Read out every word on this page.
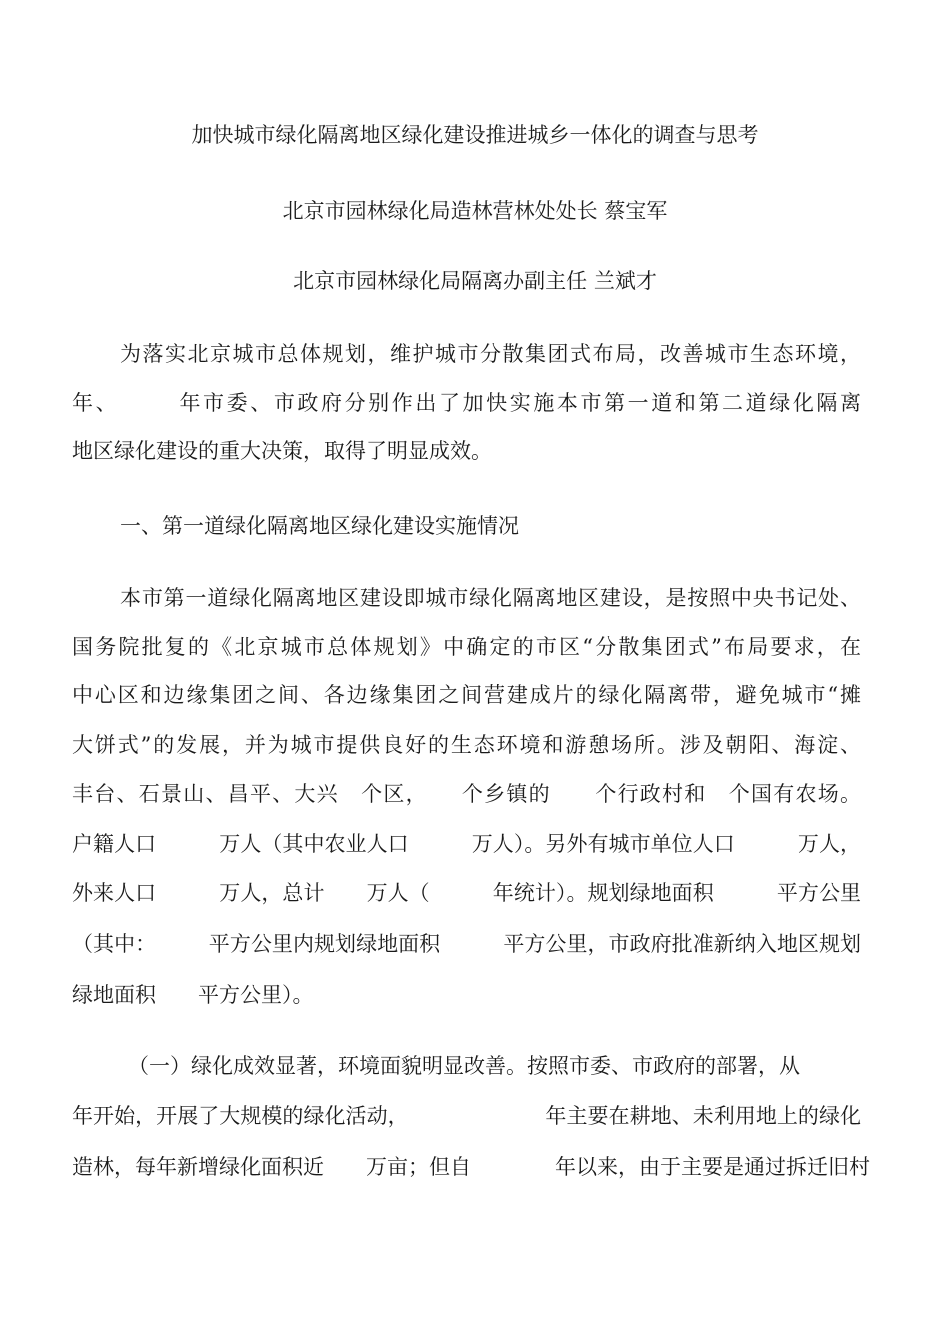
加快城市绿化隔离地区绿化建设推进城乡一体化的调查与思考
北京市园林绿化局造林营林处处长 蔡宝军
北京市园林绿化局隔离办副主任 兰斌才
为落实北京城市总体规划，维护城市分散集团式布局，改善城市生态环境，
年、　　　年市委、市政府分别作出了加快实施本市第一道和第二道绿化隔离
地区绿化建设的重大决策，取得了明显成效。
一、第一道绿化隔离地区绿化建设实施情况
本市第一道绿化隔离地区建设即城市绿化隔离地区建设，是按照中央书记处、
国务院批复的《北京城市总体规划》中确定的市区“分散集团式”布局要求，在
中心区和边缘集团之间、各边缘集团之间营建成片的绿化隔离带，避免城市“摊
大饼式”的发展，并为城市提供良好的生态环境和游憩场所。涉及朝阳、海淀、
丰台、石景山、昌平、大兴　个区，　　个乡镇的　　个行政村和　个国有农场。
户籍人口　　　万人（其中农业人口　　　万人）。另外有城市单位人口　　　万人，
外来人口　　　万人，总计　　万人（　　　年统计）。规划绿地面积　　　平方公里
（其中：　　　平方公里内规划绿地面积　　　平方公里，市政府批准新纳入地区规划
绿地面积　　平方公里）。
（一）绿化成效显著，环境面貌明显改善。按照市委、市政府的部署，从
年开始，开展了大规模的绿化活动，　　　　　　　年主要在耕地、未利用地上的绿化
造林，每年新增绿化面积近　　万亩；但自　　　　年以来，由于主要是通过拆迁旧村
